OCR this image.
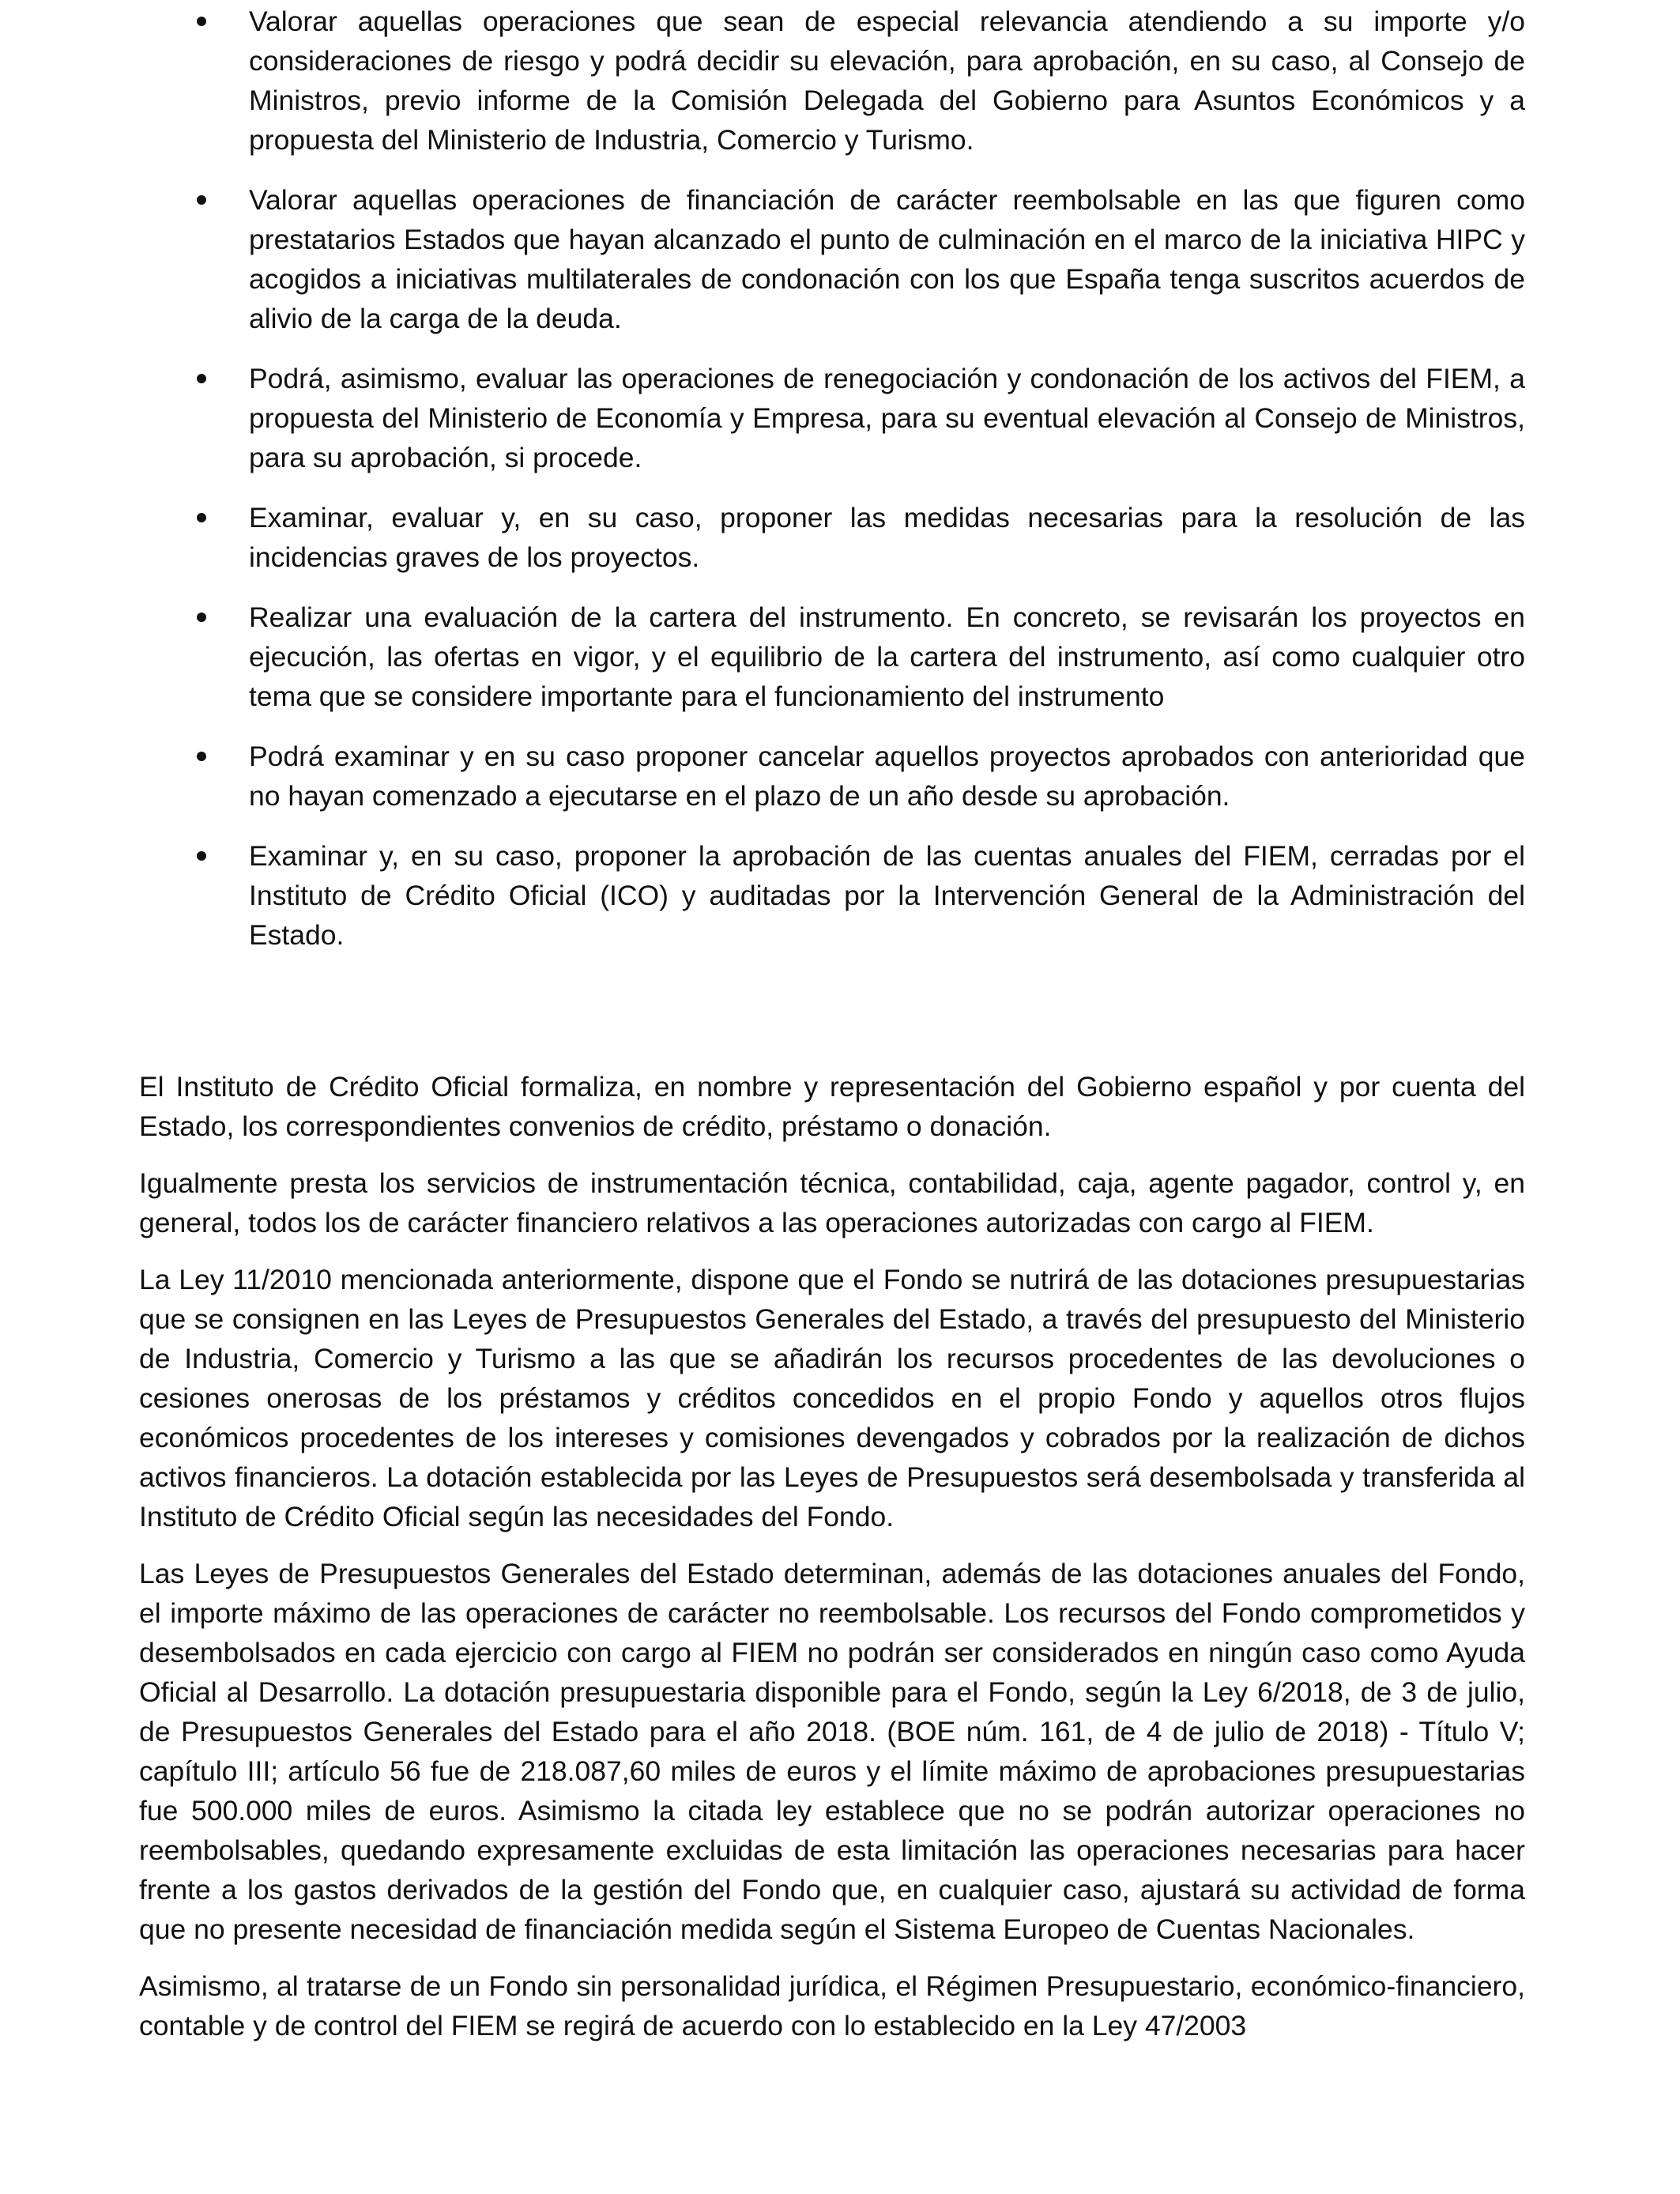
Valorar aquellas operaciones que sean de especial relevancia atendiendo a su importe y/o consideraciones de riesgo y podrá decidir su elevación, para aprobación, en su caso, al Consejo de Ministros, previo informe de la Comisión Delegada del Gobierno para Asuntos Económicos y a propuesta del Ministerio de Industria, Comercio y Turismo.
Valorar aquellas operaciones de financiación de carácter reembolsable en las que figuren como prestatarios Estados que hayan alcanzado el punto de culminación en el marco de la iniciativa HIPC y acogidos a iniciativas multilaterales de condonación con los que España tenga suscritos acuerdos de alivio de la carga de la deuda.
Podrá, asimismo, evaluar las operaciones de renegociación y condonación de los activos del FIEM, a propuesta del Ministerio de Economía y Empresa, para su eventual elevación al Consejo de Ministros, para su aprobación, si procede.
Examinar, evaluar y, en su caso, proponer las medidas necesarias para la resolución de las incidencias graves de los proyectos.
Realizar una evaluación de la cartera del instrumento. En concreto, se revisarán los proyectos en ejecución, las ofertas en vigor, y el equilibrio de la cartera del instrumento, así como cualquier otro tema que se considere importante para el funcionamiento del instrumento
Podrá examinar y en su caso proponer cancelar aquellos proyectos aprobados con anterioridad que no hayan comenzado a ejecutarse en el plazo de un año desde su aprobación.
Examinar y, en su caso, proponer la aprobación de las cuentas anuales del FIEM, cerradas por el Instituto de Crédito Oficial (ICO) y auditadas por la Intervención General de la Administración del Estado.

El Instituto de Crédito Oficial formaliza, en nombre y representación del Gobierno español y por cuenta del Estado, los correspondientes convenios de crédito, préstamo o donación.

Igualmente presta los servicios de instrumentación técnica, contabilidad, caja, agente pagador, control y, en general, todos los de carácter financiero relativos a las operaciones autorizadas con cargo al FIEM.

La Ley 11/2010 mencionada anteriormente, dispone que el Fondo se nutrirá de las dotaciones presupuestarias que se consignen en las Leyes de Presupuestos Generales del Estado, a través del presupuesto del Ministerio de Industria, Comercio y Turismo a las que se añadirán los recursos procedentes de las devoluciones o cesiones onerosas de los préstamos y créditos concedidos en el propio Fondo y aquellos otros flujos económicos procedentes de los intereses y comisiones devengados y cobrados por la realización de dichos activos financieros. La dotación establecida por las Leyes de Presupuestos será desembolsada y transferida al Instituto de Crédito Oficial según las necesidades del Fondo.

Las Leyes de Presupuestos Generales del Estado determinan, además de las dotaciones anuales del Fondo, el importe máximo de las operaciones de carácter no reembolsable. Los recursos del Fondo comprometidos y desembolsados en cada ejercicio con cargo al FIEM no podrán ser considerados en ningún caso como Ayuda Oficial al Desarrollo. La dotación presupuestaria disponible para el Fondo, según la Ley 6/2018, de 3 de julio, de Presupuestos Generales del Estado para el año 2018. (BOE núm. 161, de 4 de julio de 2018) - Título V; capítulo III; artículo 56 fue de 218.087,60 miles de euros y el límite máximo de aprobaciones presupuestarias fue 500.000 miles de euros. Asimismo la citada ley establece que no se podrán autorizar operaciones no reembolsables, quedando expresamente excluidas de esta limitación las operaciones necesarias para hacer frente a los gastos derivados de la gestión del Fondo que, en cualquier caso, ajustará su actividad de forma que no presente necesidad de financiación medida según el Sistema Europeo de Cuentas Nacionales.

Asimismo, al tratarse de un Fondo sin personalidad jurídica, el Régimen Presupuestario, económico-financiero, contable y de control del FIEM se regirá de acuerdo con lo establecido en la Ley 47/2003
